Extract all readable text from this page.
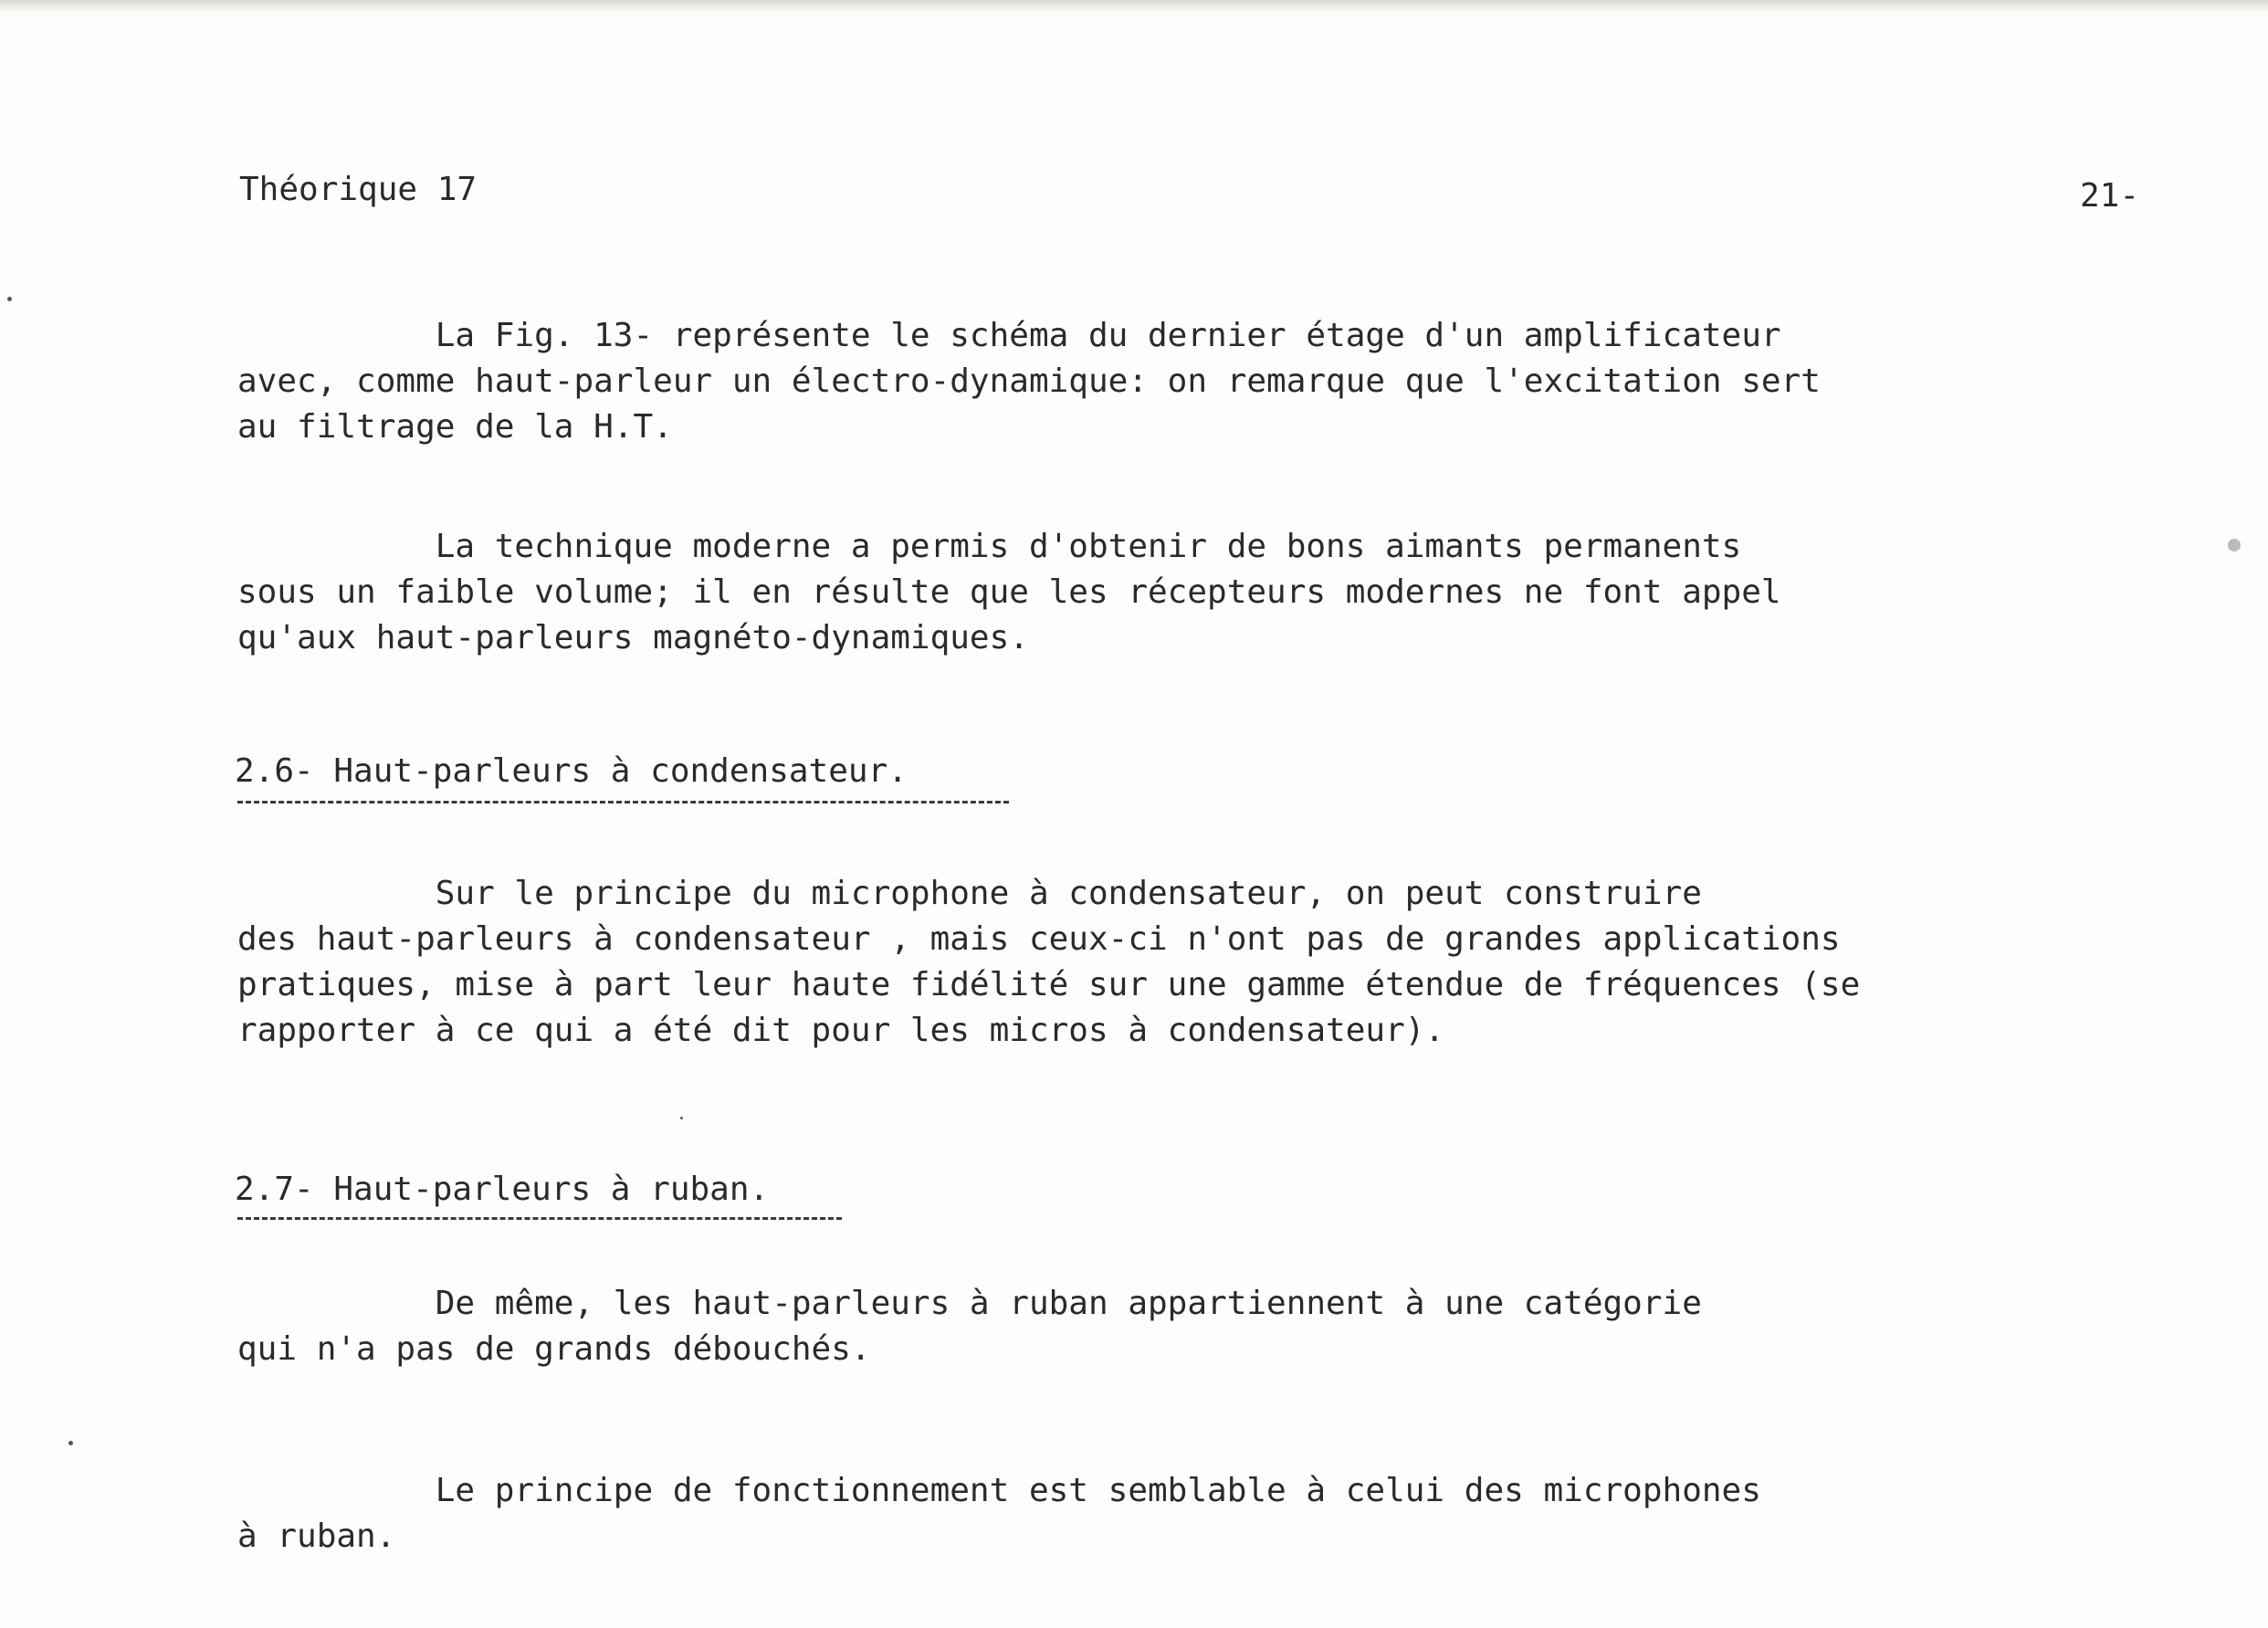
Théorique 17	21-
La Fig. 13- représente le schéma du dernier étage d'un amplificateur
avec, comme haut-parleur un électro-dynamique: on remarque que l'excitation sert
au filtrage de la H.T.
La technique moderne a permis d'obtenir de bons aimants permanents
sous un faible volume; il en résulte que les récepteurs modernes ne font appel
qu'aux haut-parleurs magnéto-dynamiques.
2.6- Haut-parleurs à condensateur.
Sur le principe du microphone à condensateur, on peut construire
des haut-parleurs à condensateur , mais ceux-ci n'ont pas de grandes applications
pratiques, mise à part leur haute fidélité sur une gamme étendue de fréquences (se
rapporter à ce qui a été dit pour les micros à condensateur).
2.7- Haut-parleurs à ruban.
De même, les haut-parleurs à ruban appartiennent à une catégorie
qui n'a pas de grands débouchés.
Le principe de fonctionnement est semblable à celui des microphones
à ruban.
